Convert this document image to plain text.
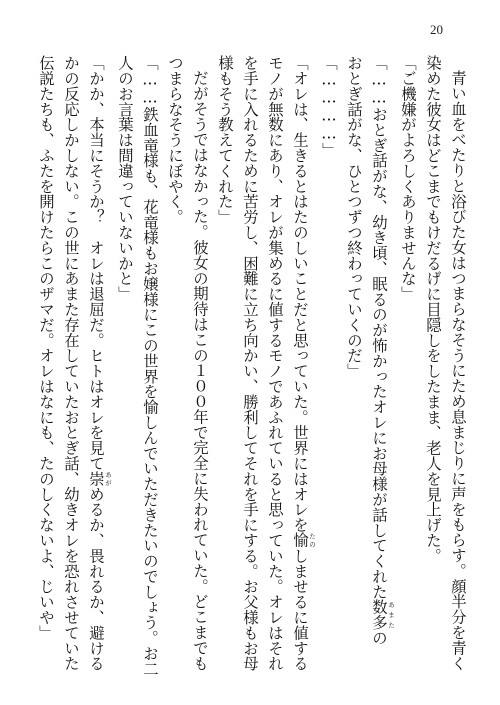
20
青い血をべたりと浴びた女はつまらなそうにため息まじりに声をもらす。顔半分を青く
染めた彼女はどこまでもけだるげに目隠しをしたまま、老人を見上げた。
「ご機嫌がよろしくありませんな」
「……おとぎ話がな、幼き頃、眠るのが怖かったオレにお母様が話してくれた数多 あまたの
おとぎ話がな、ひとつずつ終わっていくのだ」
「…………」
「オレは、生きるとはたのしいことだと思っていた。世界にはオレを愉 たのしませるに値する
モノが無数にあり、オレが集めるに値するモノであふれていると思っていた。オレはそれ
を手に入れるために苦労し、困難に立ち向かい、勝利してそれを手にする。お父様もお母
様もそう教えてくれた」
だがそうではなかった。彼女の期待はこの１００年で完全に失われていた。どこまでも
つまらなそうにぼやく。
「……鉄血竜様も、花竜様もお嬢様にこの世界を愉しんでいただきたいのでしょう。お二
人のお言葉は間違っていないかと」
「かか、本当にそうか？　オレは退屈だ。ヒトはオレを見て崇 あがめるか、畏れるか、避ける
かの反応しかしない。この世にあまた存在していたおとぎ話、幼きオレを恐れさせていた
伝説たちも、ふたを開けたらこのザマだ。オレはなにも、たのしくないよ、じいや」
